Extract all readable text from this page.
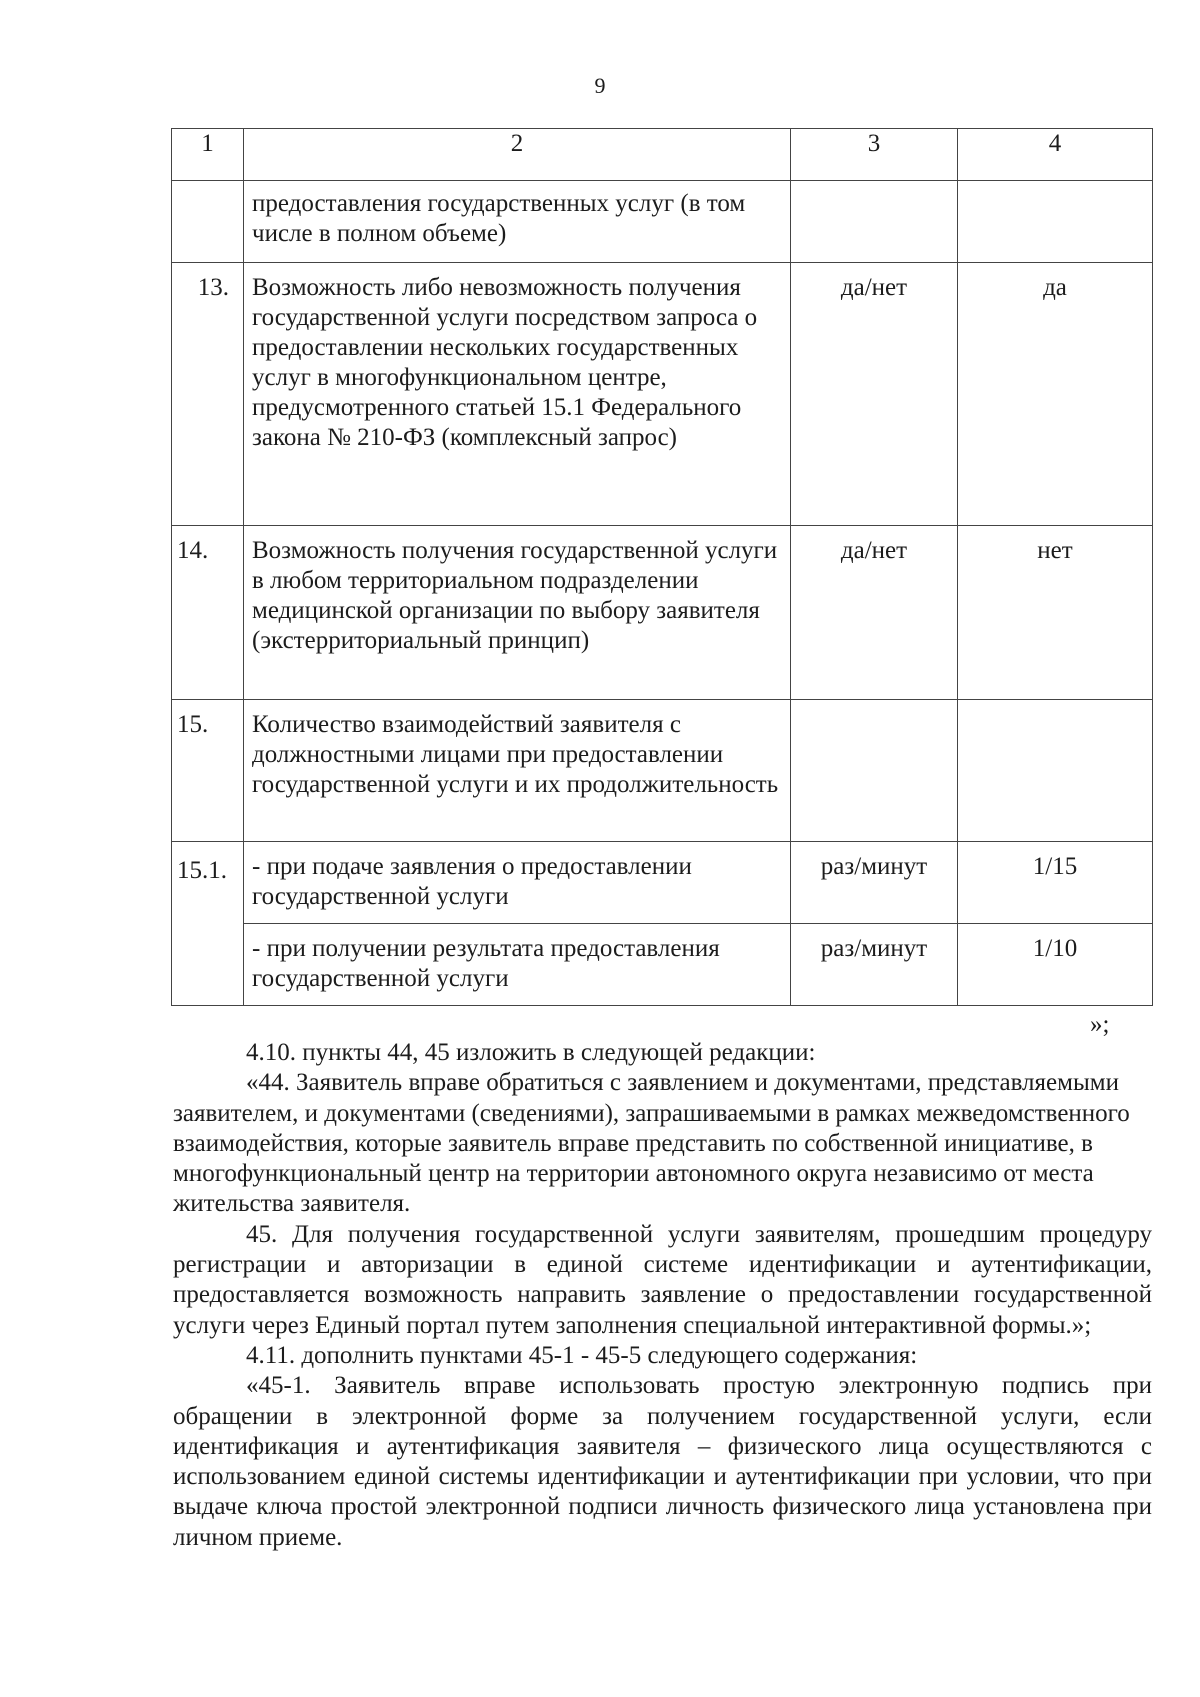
9
1	2	3	4

	предоставления государственных услуг (в том числе в полном объеме)		

13.	Возможность либо невозможность получения государственной услуги посредством запроса о предоставлении нескольких государственных услуг в многофункциональном центре, предусмотренного статьей 15.1 Федерального закона № 210-ФЗ (комплексный запрос)	да/нет	да

14.	Возможность получения государственной услуги в любом территориальном подразделении медицинской организации по выбору заявителя (экстерриториальный принцип)	да/нет	нет

15.	Количество взаимодействий заявителя с должностными лицами при предоставлении государственной услуги и их продолжительность		

15.1.	- при подаче заявления о предоставлении государственной услуги	раз/минут	1/15

	- при получении результата предоставления государственной услуги	раз/минут	1/10
»;

4.10. пункты 44, 45 изложить в следующей редакции:

«44. Заявитель вправе обратиться с заявлением и документами, представляемыми заявителем, и документами (сведениями), запрашиваемыми в рамках межведомственного взаимодействия, которые заявитель вправе представить по собственной инициативе, в многофункциональный центр на территории автономного округа независимо от места жительства заявителя.

45. Для получения государственной услуги заявителям, прошедшим процедуру регистрации и авторизации в единой системе идентификации и аутентификации, предоставляется возможность направить заявление о предоставлении государственной услуги через Единый портал путем заполнения специальной интерактивной формы.»;

4.11. дополнить пунктами 45-1 - 45-5 следующего содержания:

«45-1. Заявитель вправе использовать простую электронную подпись при обращении в электронной форме за получением государственной услуги, если идентификация и аутентификация заявителя – физического лица осуществляются с использованием единой системы идентификации и аутентификации при условии, что при выдаче ключа простой электронной подписи личность физического лица установлена при личном приеме.
